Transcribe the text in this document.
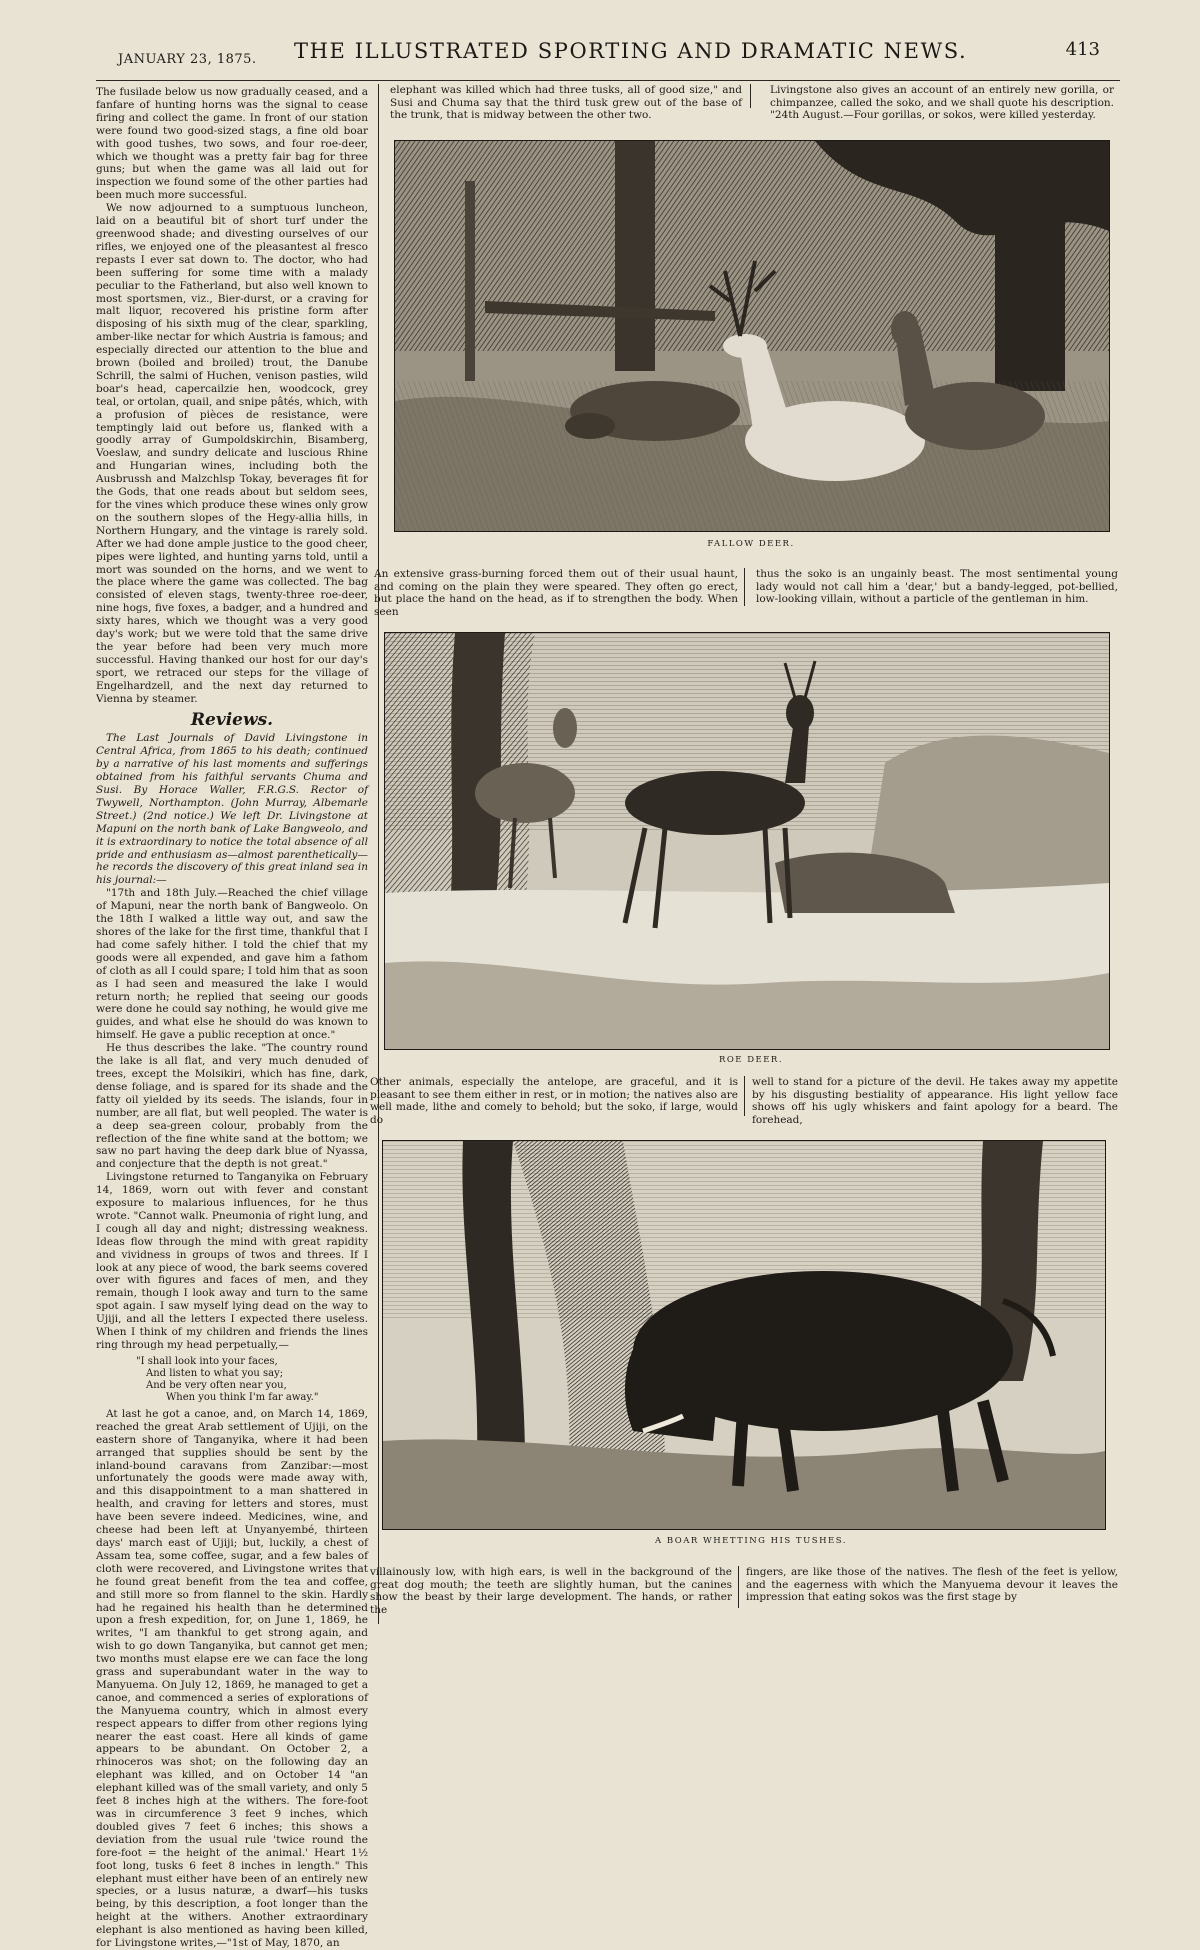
JANUARY 23, 1875. THE ILLUSTRATED SPORTING AND DRAMATIC NEWS.	413

The fusilade below us now gradually ceased, and a fanfare of hunting horns was the signal to cease firing and collect the game. In front of our station were found two good-sized stags, a fine old boar with good tushes, two sows, and four roe-deer, which we thought was a pretty fair bag for three guns; but when the game was all laid out for inspection we found some of the other parties had been much more successful.

We now adjourned to a sumptuous luncheon, laid on a beautiful bit of short turf under the greenwood shade; and divesting ourselves of our rifles, we enjoyed one of the pleasantest al fresco repasts I ever sat down to. The doctor, who had been suffering for some time with a malady peculiar to the Fatherland, but also well known to most sportsmen, viz., Bier-durst, or a craving for malt liquor, recovered his pristine form after disposing of his sixth mug of the clear, sparkling, amber-like nectar for which Austria is famous; and especially directed our attention to the blue and brown (boiled and broiled) trout, the Danube Schrill, the salmi of Huchen, venison pasties, wild boar's head, capercailzie hen, woodcock, grey teal, or ortolan, quail, and snipe pâtés, which, with a profusion of pièces de resistance, were temptingly laid out before us, flanked with a goodly array of Gumpoldskirchin, Bisamberg, Voeslaw, and sundry delicate and luscious Rhine and Hungarian wines, including both the Ausbrussh and Malzchlsp Tokay, beverages fit for the Gods, that one reads about but seldom sees, for the vines which produce these wines only grow on the southern slopes of the Hegy-allia hills, in Northern Hungary, and the vintage is rarely sold. After we had done ample justice to the good cheer, pipes were lighted, and hunting yarns told, until a mort was sounded on the horns, and we went to the place where the game was collected. The bag consisted of eleven stags, twenty-three roe-deer, nine hogs, five foxes, a badger, and a hundred and sixty hares, which we thought was a very good day's work; but we were told that the same drive the year before had been very much more successful. Having thanked our host for our day's sport, we retraced our steps for the village of Engelhardzell, and the next day returned to Vienna by steamer.

Reviews.

The Last Journals of David Livingstone in Central Africa, from 1865 to his death; continued by a narrative of his last moments and sufferings obtained from his faithful servants Chuma and Susi. By Horace Waller, F.R.G.S. Rector of Twywell, Northampton. (John Murray, Albemarle Street.) (2nd notice.) We left Dr. Livingstone at Mapuni on the north bank of Lake Bangweolo, and it is extraordinary to notice the total absence of all pride and enthusiasm as—almost parenthetically—he records the discovery of this great inland sea in his journal:—

"17th and 18th July.—Reached the chief village of Mapuni, near the north bank of Bangweolo. On the 18th I walked a little way out, and saw the shores of the lake for the first time, thankful that I had come safely hither. I told the chief that my goods were all expended, and gave him a fathom of cloth as all I could spare; I told him that as soon as I had seen and measured the lake I would return north; he replied that seeing our goods were done he could say nothing, he would give me guides, and what else he should do was known to himself. He gave a public reception at once."

He thus describes the lake. "The country round the lake is all flat, and very much denuded of trees, except the Molsikiri, which has fine, dark, dense foliage, and is spared for its shade and the fatty oil yielded by its seeds. The islands, four in number, are all flat, but well peopled. The water is a deep sea-green colour, probably from the reflection of the fine white sand at the bottom; we saw no part having the deep dark blue of Nyassa, and conjecture that the depth is not great."

Livingstone returned to Tanganyika on February 14, 1869, worn out with fever and constant exposure to malarious influences, for he thus wrote. "Cannot walk. Pneumonia of right lung, and I cough all day and night; distressing weakness. Ideas flow through the mind with great rapidity and vividness in groups of twos and threes. If I look at any piece of wood, the bark seems covered over with figures and faces of men, and they remain, though I look away and turn to the same spot again. I saw myself lying dead on the way to Ujiji, and all the letters I expected there useless. When I think of my children and friends the lines ring through my head perpetually,—

"I shall look into your faces,
And listen to what you say;
And be very often near you,
When you think I'm far away."

At last he got a canoe, and, on March 14, 1869, reached the great Arab settlement of Ujiji, on the eastern shore of Tanganyika, where it had been arranged that supplies should be sent by the inland-bound caravans from Zanzibar:—most unfortunately the goods were made away with, and this disappointment to a man shattered in health, and craving for letters and stores, must have been severe indeed. Medicines, wine, and cheese had been left at Unyanyembé, thirteen days' march east of Ujiji; but, luckily, a chest of Assam tea, some coffee, sugar, and a few bales of cloth were recovered, and Livingstone writes that he found great benefit from the tea and coffee, and still more so from flannel to the skin. Hardly had he regained his health than he determined upon a fresh expedition, for, on June 1, 1869, he writes, "I am thankful to get strong again, and wish to go down Tanganyika, but cannot get men; two months must elapse ere we can face the long grass and superabundant water in the way to Manyuema. On July 12, 1869, he managed to get a canoe, and commenced a series of explorations of the Manyuema country, which in almost every respect appears to differ from other regions lying nearer the east coast. Here all kinds of game appears to be abundant. On October 2, a rhinoceros was shot; on the following day an elephant was killed, and on October 14 "an elephant killed was of the small variety, and only 5 feet 8 inches high at the withers. The fore-foot was in circumference 3 feet 9 inches, which doubled gives 7 feet 6 inches; this shows a deviation from the usual rule 'twice round the fore-foot = the height of the animal.' Heart 1½ foot long, tusks 6 feet 8 inches in length." This elephant must either have been of an entirely new species, or a lusus naturæ, a dwarf—his tusks being, by this description, a foot longer than the height at the withers. Another extraordinary elephant is also mentioned as having been killed, for Livingstone writes,—"1st of May, 1870, an

elephant was killed which had three tusks, all of good size," and Susi and Chuma say that the third tusk grew out of the base of the trunk, that is midway between the other two.
Livingstone also gives an account of an entirely new gorilla, or chimpanzee, called the soko, and we shall quote his description. "24th August.—Four gorillas, or sokos, were killed yesterday.
FALLOW DEER.
An extensive grass-burning forced them out of their usual haunt, and coming on the plain they were speared. They often go erect, but place the hand on the head, as if to strengthen the body. When seen
thus the soko is an ungainly beast. The most sentimental young lady would not call him a 'dear,' but a bandy-legged, pot-bellied, low-looking villain, without a particle of the gentleman in him.
ROE DEER.
Other animals, especially the antelope, are graceful, and it is pleasant to see them either in rest, or in motion; the natives also are well made, lithe and comely to behold; but the soko, if large, would do
well to stand for a picture of the devil. He takes away my appetite by his disgusting bestiality of appearance. His light yellow face shows off his ugly whiskers and faint apology for a beard. The forehead,
A BOAR WHETTING HIS TUSHES.
villainously low, with high ears, is well in the background of the great dog mouth; the teeth are slightly human, but the canines show the beast by their large development. The hands, or rather the
fingers, are like those of the natives. The flesh of the feet is yellow, and the eagerness with which the Manyuema devour it leaves the impression that eating sokos was the first stage by
